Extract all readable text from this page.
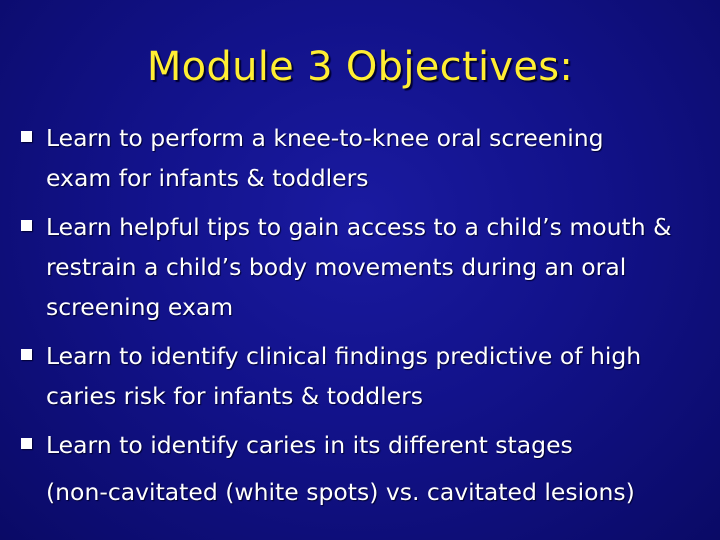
Module 3 Objectives:
Learn to perform a knee-to-knee oral screening
exam for infants & toddlers
Learn helpful tips to gain access to a child’s mouth &
restrain a child’s body movements during an oral
screening exam
Learn to identify clinical findings predictive of high
caries risk for infants & toddlers
Learn to identify caries in its different stages
(non-cavitated (white spots) vs. cavitated lesions)
